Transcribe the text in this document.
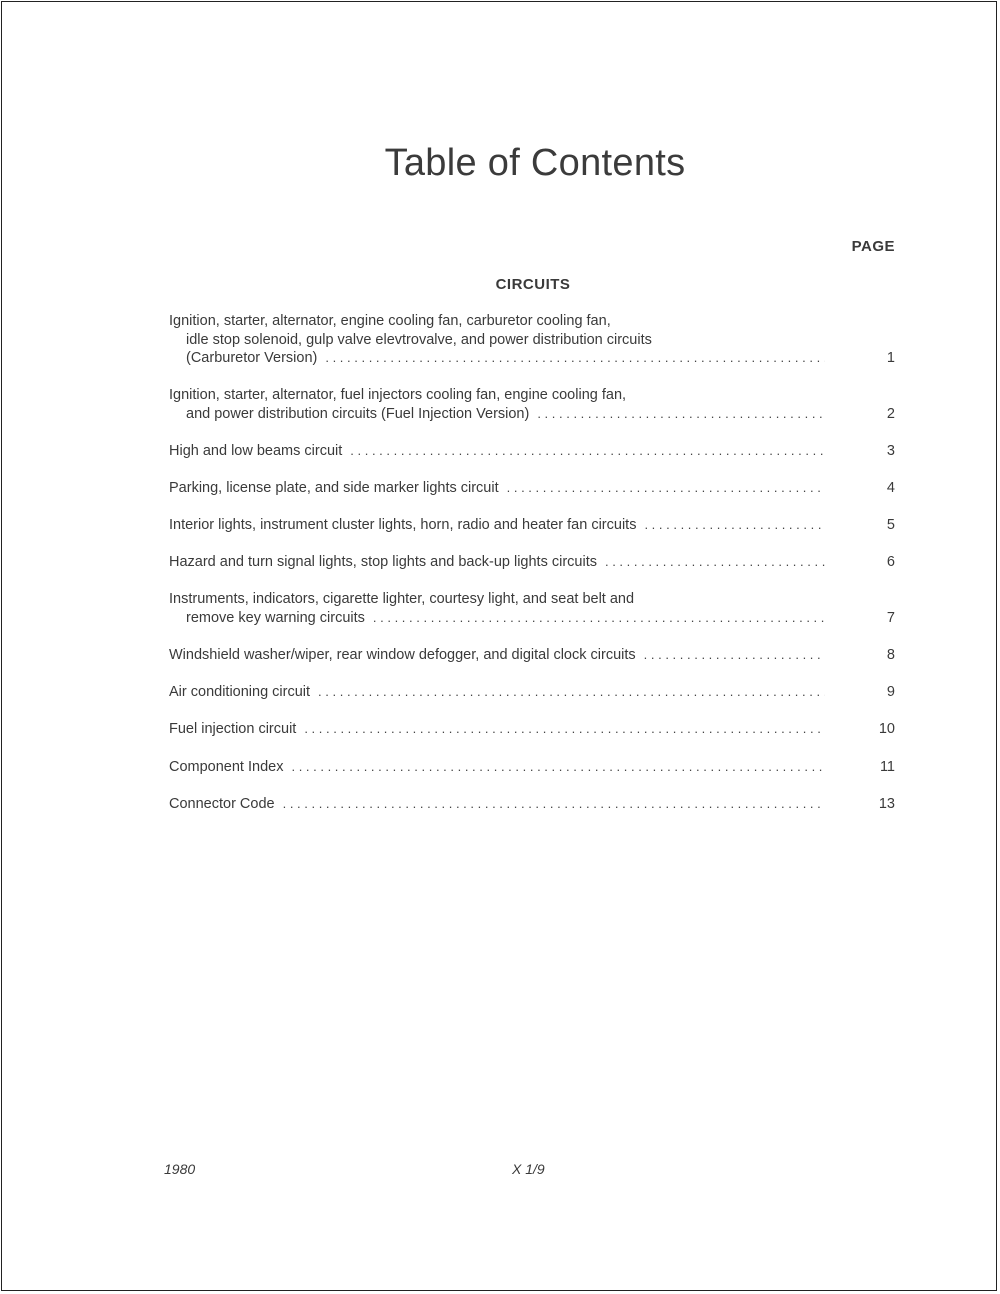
Table of Contents
PAGE
CIRCUITS
Ignition, starter, alternator, engine cooling fan, carburetor cooling fan,
idle stop solenoid, gulp valve elevtrovalve, and power distribution circuits
(Carburetor Version) . . .	1
Ignition, starter, alternator, fuel injectors cooling fan, engine cooling fan,
and power distribution circuits (Fuel Injection Version) . . .	2
High and low beams circuit . . .	3
Parking, license plate, and side marker lights circuit . . .	4
Interior lights, instrument cluster lights, horn, radio and heater fan circuits . . .	5
Hazard and turn signal lights, stop lights and back-up lights circuits . . .	6
Instruments, indicators, cigarette lighter, courtesy light, and seat belt and
remove key warning circuits . . .	7
Windshield washer/wiper, rear window defogger, and digital clock circuits . . .	8
Air conditioning circuit . . .	9
Fuel injection circuit . . .	10
Component Index . . .	11
Connector Code . . .	13
1980	X 1/9
